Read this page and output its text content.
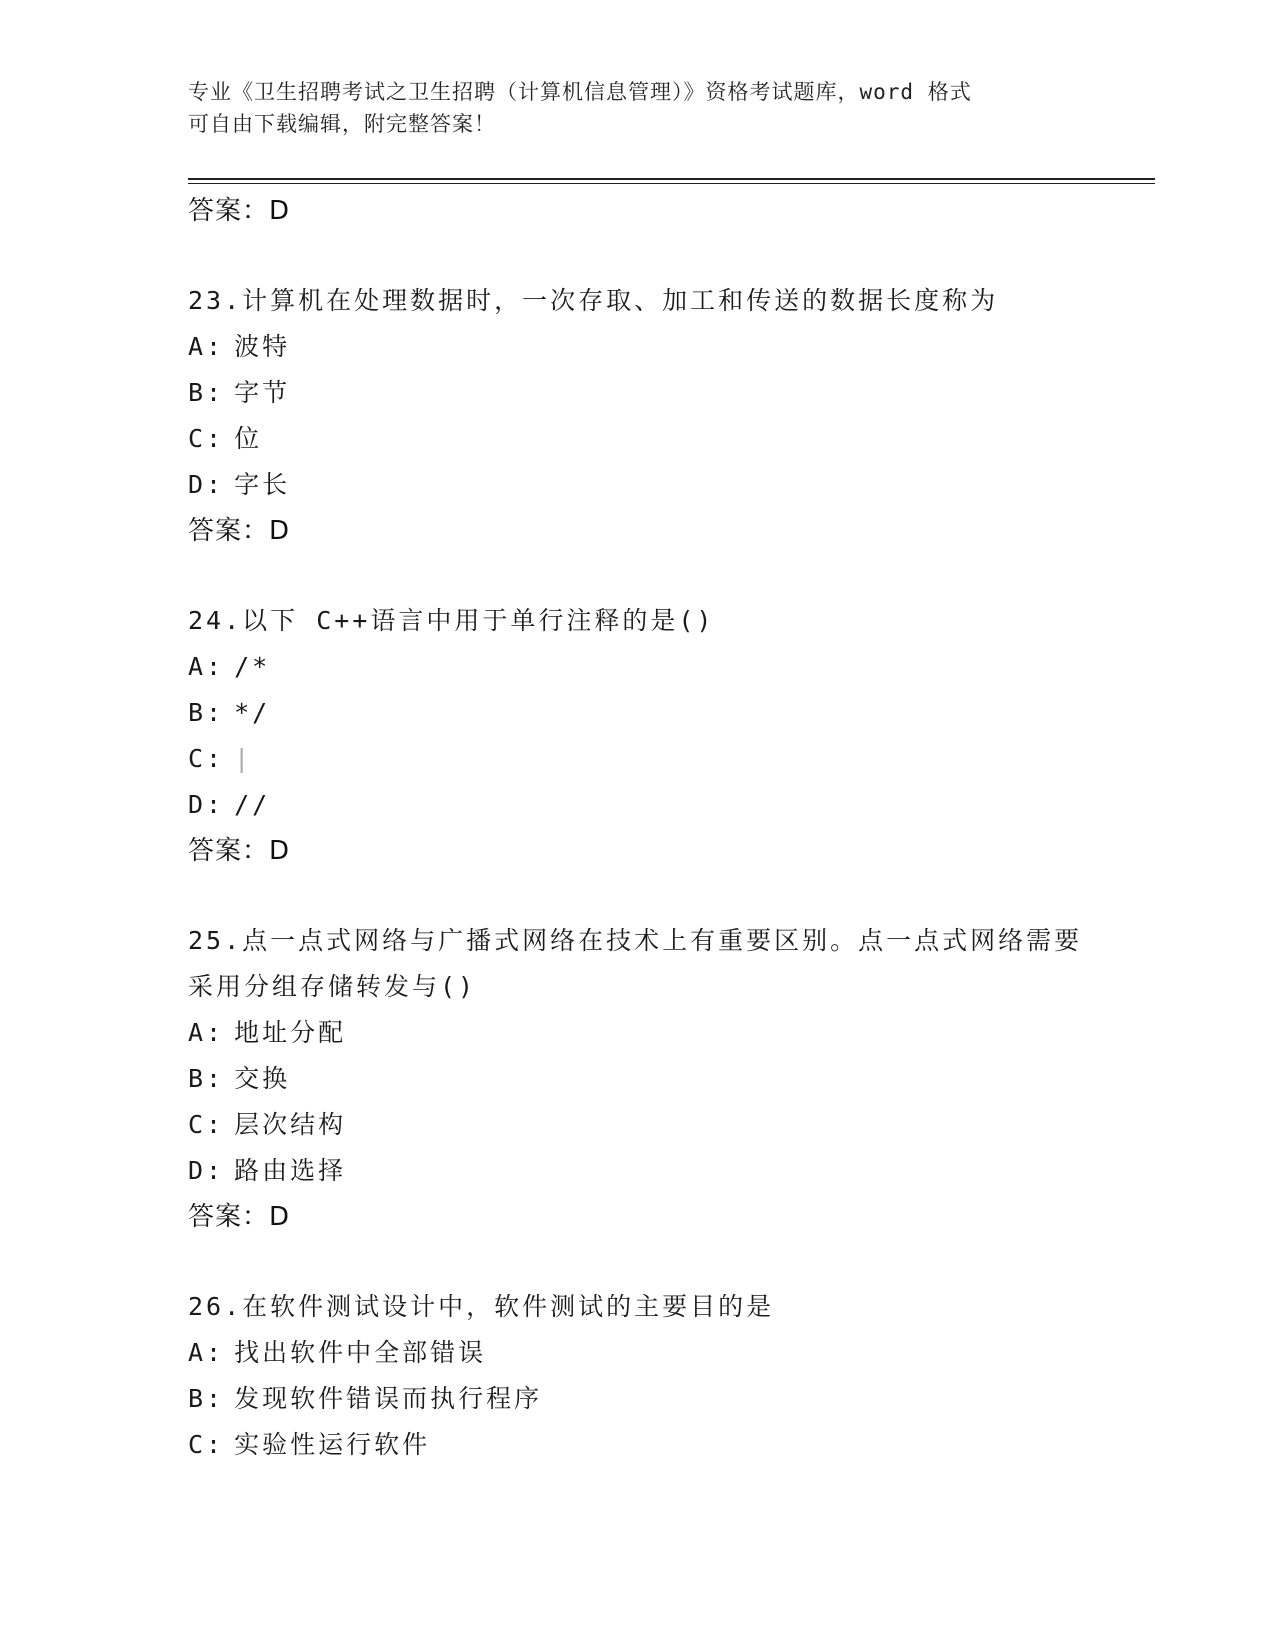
专业《卫生招聘考试之卫生招聘（计算机信息管理）》资格考试题库，word 格式
可自由下载编辑，附完整答案！
答案：D
23.计算机在处理数据时，一次存取、加工和传送的数据长度称为
A: 波特
B: 字节
C: 位
D: 字长
答案：D
24.以下 C++语言中用于单行注释的是()
A: /*
B: */
C: |
D: //
答案：D
25.点一点式网络与广播式网络在技术上有重要区别。点一点式网络需要采用分组存储转发与()
A: 地址分配
B: 交换
C: 层次结构
D: 路由选择
答案：D
26.在软件测试设计中，软件测试的主要目的是
A: 找出软件中全部错误
B: 发现软件错误而执行程序
C: 实验性运行软件
